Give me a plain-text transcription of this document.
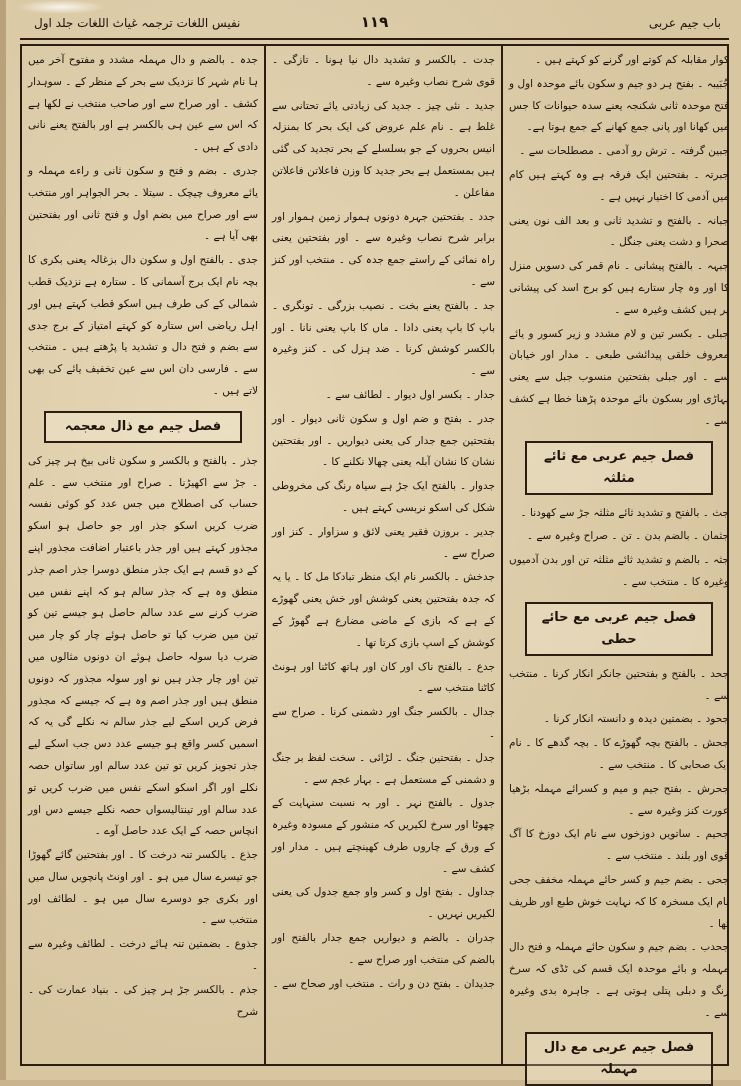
نفیس اللغات ترجمہ غیاث اللغات جلد اول	۱۱۹	باب جیم عربی

کوار مقابلہ کم کوتے اور گرنے کو کہتے ہیں ۔

جُبَیبہ ۔ بفتح ہر دو جیم و سکون بائے موحدہ اول و فتح موحدہ ثانی شکنجہ یعنے سدہ حیوانات کا جس میں کھانا اور پانی جمع کھانے کے جمع ہوتا ہے۔

جبین گرفتہ ۔ ترش رو آدمی ۔ مصطلحات سے ۔

جبرتہ ۔ بفتحتین ایک فرقہ ہے وہ کہتے ہیں کام میں آدمی کا اختیار نہیں ہے ۔

جبانہ ۔ بالفتح و تشدید ثانی و بعد الف نون یعنی صحرا و دشت یعنی جنگل ۔

جبہہ ۔ بالفتح پیشانی ۔ نام قمر کی دسویں منزل کا اور وہ چار ستارے ہیں کو برج اسد کی پیشانی پر ہیں کشف وغیرہ سے ۔

جبلی ۔ بکسر تین و لام مشدد و زیر کسور و یائے معروف خلقی پیدائشی طبعی ۔ مدار اور خیابان سے ۔ اور جبلی بفتحتین منسوب جبل سے یعنی پہاڑی اور بسکون بائے موحدہ پڑھنا خطا ہے کشف سے ۔

فصل جیم عربی مع ثائے مثلثہ

جث ۔ بالفتح و تشدید ثائے مثلثہ جڑ سے کھودنا ۔

جثمان ۔ بالضم بدن ۔ تن ۔ صراح وغیرہ سے ۔

جثہ ۔ بالضم و تشدید ثائے مثلثہ تن اور بدن آدمیوں وغیرہ کا ۔ منتخب سے ۔

فصل جیم عربی مع حائے حطی

جحد ۔ بالفتح و بفتحتین جانکر انکار کرنا ۔ منتخب سے ۔

جحود ۔ بضمتین دیدہ و دانستہ انکار کرنا ۔

جحش ۔ بالفتح بچہ گھوڑے کا ۔ بچہ گدھے کا ۔ نام ایک صحابی کا ۔ منتخب سے ۔

جحرش ۔ بفتح جیم و میم و کسرائے مہملہ بڑھیا عورت کنز وغیرہ سے ۔

جحیم ۔ ساتویں دوزخوں سے نام ایک دوزخ کا آگ قوی اور بلند ۔ منتخب سے ۔

جحی ۔ بضم جیم و کسر حائے مہملہ مخفف جحی نام ایک مسخرہ کا کہ نہایت خوش طبع اور ظریف تھا ۔

جحدب ۔ بضم جیم و سکون حائے مہملہ و فتح دال مہملہ و بائے موحدہ ایک قسم کی ٹڈی کہ سرخ رنگ و دبلی پتلی ہوتی ہے ۔ جاہرہ بدی وغیرہ سے ۔

فصل جیم عربی مع دال مہملہ

جدت ۔ بالکسر و تشدید دال نیا ہونا ۔ تازگی ۔ قوی شرح نصاب وغیرہ سے ۔

جدید ۔ نئی چیز ۔ جدید کی زیادتی یائے تحتانی سے غلط ہے ۔ نام علم عروض کی ایک بحر کا بمنزلہ انیس بحروں کے جو بسلسلے کے بحر تجدید کی گئی ہیں بمستعمل ہے بحر جدید کا وزن فاعلاتن فاعلاتن مفاعلن ۔

جدد ۔ بفتحتین جہرہ دونوں ہموار زمین ہموار اور برابر شرح نصاب وغیرہ سے ۔ اور بفتحتین یعنی راہ نمائی کے راستے جمع جدہ کی ۔ منتخب اور کنز سے ۔

جد ۔ بالفتح یعنے بخت ۔ نصیب بزرگی ۔ تونگری ۔ باپ کا باپ یعنی دادا ۔ ماں کا باپ یعنی نانا ۔ اور بالکسر کوشش کرنا ۔ ضد ہزل کی ۔ کنز وغیرہ سے ۔

جدار ۔ بکسر اول دیوار ۔ لطائف سے ۔

جدر ۔ بفتح و ضم اول و سکون ثانی دیوار ۔ اور بفتحتین جمع جدار کی یعنی دیواریں ۔ اور بفتحتین نشان کا نشان آبلہ یعنی چھالا نکلنے کا ۔

جدوار ۔ بالفتح ایک جڑ ہے سیاہ رنگ کی مخروطی شکل کی اسکو نربسی کہتے ہیں ۔

جدیر ۔ بروزن فقیر یعنی لائق و سزاوار ۔ کنز اور صراح سے ۔

جدخش ۔ بالکسر نام ایک منظر تبادکا مل کا ۔ یا یہ کہ جدہ بفتحتین یعنی کوشش اور خش یعنی گھوڑے کے ہے کہ بازی کے ماضی مضارع ہے گھوڑ کے کوشش کے اسپ بازی کرتا تھا ۔

جدع ۔ بالفتح ناک اور کان اور ہاتھ کاٹنا اور ہونٹ کاٹنا منتخب سے ۔

جدال ۔ بالکسر جنگ اور دشمنی کرنا ۔ صراح سے ۔

جدل ۔ بفتحتین جنگ ۔ لڑائی ۔ سخت لفظ بر جنگ و دشمنی کے مستعمل ہے ۔ بہار عجم سے ۔

جدول ۔ بالفتح نہر ۔ اور بہ نسبت سنہایت کے چھوٹا اور سرخ لکیریں کہ منشور کے مسودہ وغیرہ کے ورق کے چاروں طرف کھینچتے ہیں ۔ مدار اور کشف سے ۔

جداول ۔ بفتح اول و کسر واو جمع جدول کی یعنی لکیریں نہریں ۔

جدران ۔ بالضم و دیواریں جمع جدار بالفتح اور بالضم کی منتخب اور صراح سے ۔

جدیدان ۔ بفتح دن و رات ۔ منتخب اور صحاح سے ۔

جدہ ۔ بالضم و دال مہملہ مشدد و مفتوح آخر میں ہا نام شہر کا نزدیک سے بحر کے منظر کے ۔ سوہدار کشف ۔ اور صراح سے اور صاحب منتخب نے لکھا ہے کہ اس سے عین ہی بالکسر ہے اور بالفتح یعنے نانی دادی کے ہیں ۔

جدری ۔ بضم و فتح و سکون ثانی و راءے مہملہ و یائے معروف چیچک ۔ سیتلا ۔ بحر الجواہر اور منتخب سے اور صراح میں بضم اول و فتح ثانی اور بفتحتین بھی آیا ہے ۔

جدی ۔ بالفتح اول و سکون دال بزغالہ یعنی بکری کا بچہ نام ایک برج آسمانی کا ۔ ستارہ ہے نزدیک قطب شمالی کے کی طرف ہیں اسکو قطب کہتے ہیں اور اہل ریاضی اس ستارہ کو کہتے امتیاز کے برج جدی سے بضم و فتح دال و تشدید یا پڑھتے ہیں ۔ منتخب سے ۔ فارسی دان اس سے عین تخفیف یائے کی بھی لاتے ہیں ۔

فصل جیم مع ذال معجمہ

جذر ۔ بالفتح و بالکسر و سکون ثانی بیخ ہر چیز کی ۔ جڑ سے اکھیڑنا ۔ صراح اور منتخب سے ۔ علم حساب کی اصطلاح میں جس عدد کو کوئی نفسہ ضرب کریں اسکو جذر اور جو حاصل ہو اسکو مجذور کہتے ہیں اور جذر باعتبار اضافت مجذور اپنے کے دو قسم ہے ایک جذر منطق دوسرا جذر اصم جذر منطق وہ ہے کہ جذر سالم ہو کہ اپنے نفس میں ضرب کرنے سے عدد سالم حاصل ہو جیسے تین کو تین میں ضرب کیا تو حاصل ہوئے چار کو چار میں ضرب دیا سولہ حاصل ہوئے ان دونوں مثالوں میں تین اور چار جذر ہیں نو اور سولہ مجذور کہ دونوں منطق ہیں اور جذر اصم وہ ہے کہ جیسے کہ مجذور فرض کریں اسکے لیے جذر سالم نہ نکلے گی یہ کہ اسمیں کسر واقع ہو جیسے عدد دس جب اسکے لیے جذر تجویز کریں تو تین عدد سالم اور ساتواں حصہ نکلے اور اگر اسکو اسکے نفس میں ضرب کریں تو عدد سالم اور تینتالیسواں حصہ نکلے جیسے دس اور انچاس حصہ کے ایک عدد حاصل آوے ۔

جذع ۔ بالکسر تنہ درخت کا ۔ اور بفتحتین گائے گھوڑا جو تیسرے سال میں ہو ۔ اور اونٹ پانچویں سال میں اور بکری جو دوسرے سال میں ہو ۔ لطائف اور منتخب سے ۔

جذوع ۔ بضمتین تنہ ہائے درخت ۔ لطائف وغیرہ سے ۔

جذم ۔ بالکسر جڑ ہر چیز کی ۔ بنیاد عمارت کی ۔ شرح
